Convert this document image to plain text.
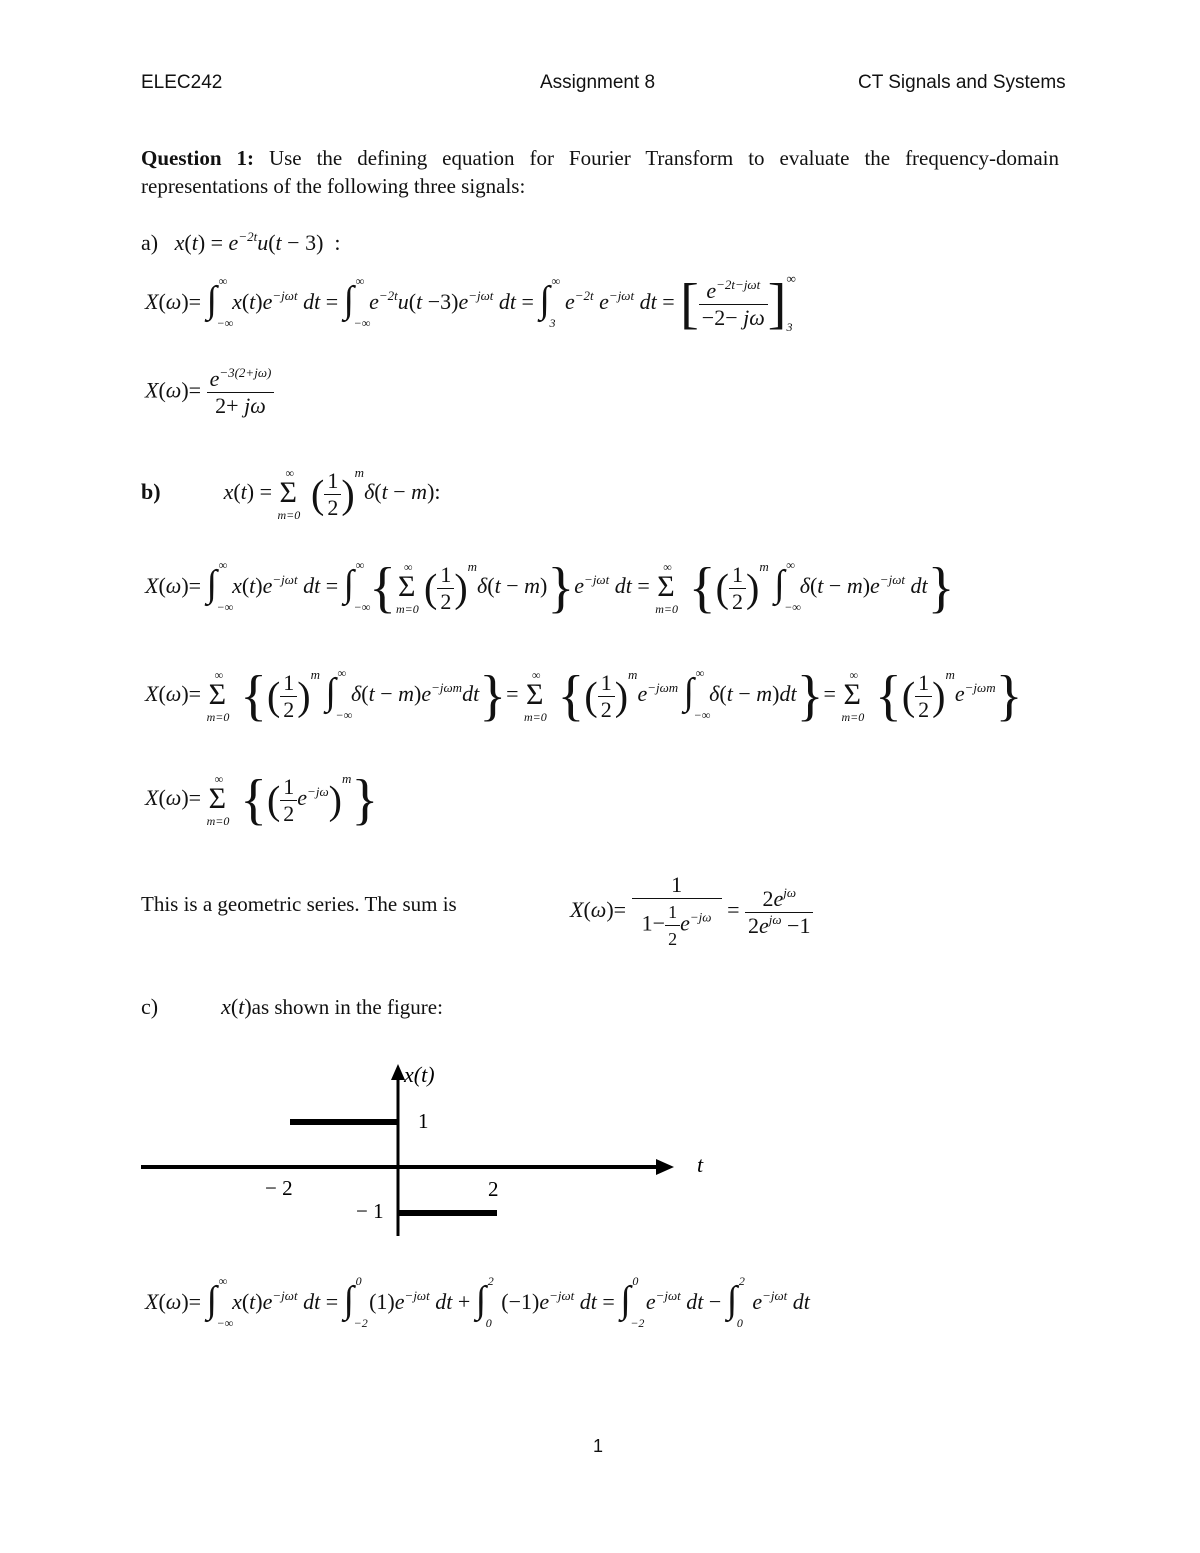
ELEC242	Assignment 8	CT Signals and Systems
Question 1: Use the defining equation for Fourier Transform to evaluate the frequency-domain representations of the following three signals:
a) $x(t) = e^{-2t}u(t - 3)$  :
X(ω)= ∫ ∞
−∞
$x(t)e^{-j\omega t}$ dt = ∫ ∞
−∞
$e^{-2t}u(t -3)e^{-j\omega t}$ dt = ∫ ∞
3
$e^{-2t}$ $e^{-j\omega t}$ dt = [ $\frac{e^{-2t-j\omega t}}{-2- j\omega} ]_3^\infty$
$X(\omega)= \frac{e^{-3(2+j\omega)}}{2+ j\omega}$
b)	x(t) =
∞
Σ
m=0 ( $\frac{1}{2} )^m\delta(t - m)$:
X(ω)= ∫ ∞
−∞
$x(t)e^{-j\omega t}$ dt = ∫ ∞
−∞
{ ∞
Σ
m=0 ( $\frac{1}{2} )^m\delta(t - m)\}e^{-j\omega t}$ dt =
∞
Σ
m=0 {( $\frac{1}{2} )^m$ ∫ ∞
−∞
$\delta(t - m)e^{-j\omega t}$ dt}
X(ω)=
∞
Σ
m=0 {( $\frac{1}{2} )^m$ ∫ ∞
−∞
$\delta(t - m)e^{-j\omega m}dt\}=$
∞
Σ
m=0 {( $\frac{1}{2} )^me^{-j\omega m}$ ∫ ∞
−∞
δ(t − m)dt}=
∞
Σ
m=0 {( $\frac{1}{2} )^me^{-j\omega m}$}
X(ω)=
∞
Σ
m=0 {( $\frac{1}{2} e^{-j\omega})^m$}
This is a geometric series. The sum is	$X(\omega)= \frac{1}{1- \frac{1}{2} e^{-j\omega}} = \frac{2e^{j\omega}}{2e^{j\omega} -1}$
c)	x(t)as shown in the figure:
x(t)
t
1
− 2	2
− 1
X(ω)= ∫ ∞
−∞
$x(t)e^{-j\omega t}$ dt = ∫ 0
−2
$(1)e^{-j\omega t}$ dt + ∫ 2
0
$(-1)e^{-j\omega t}$ dt = ∫ 0
−2
$e^{-j\omega t}$ dt − ∫ 2
0
$e^{-j\omega t}$ dt
1
